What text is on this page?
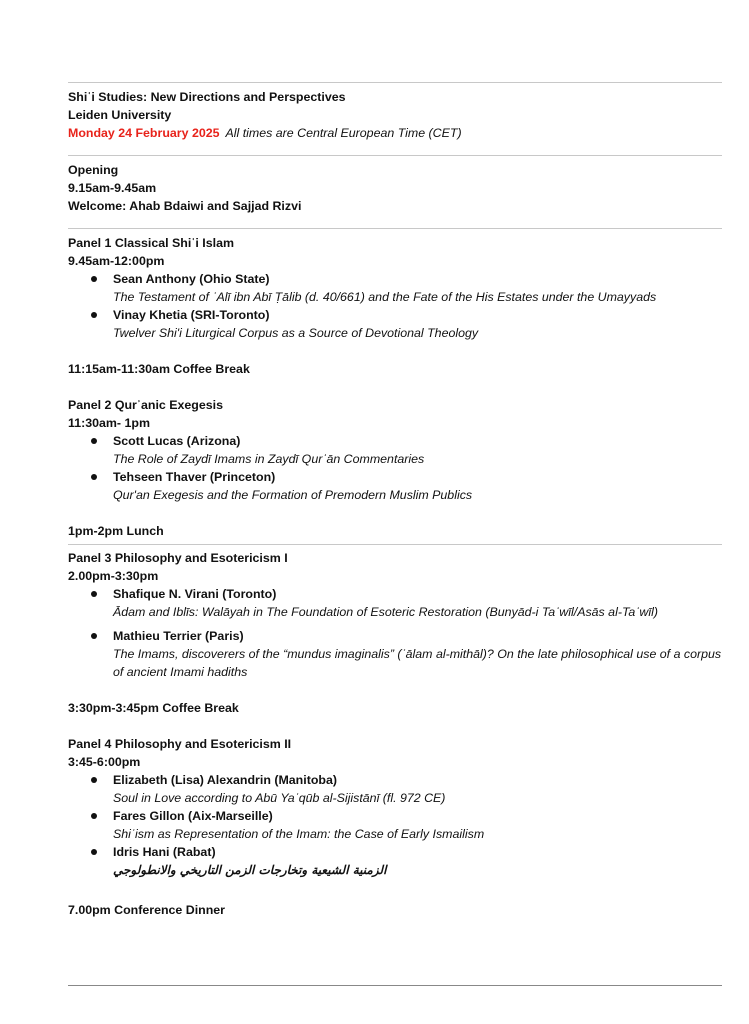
Shiʿi Studies: New Directions and Perspectives
Leiden University
Monday 24 February 2025 All times are Central European Time (CET)
Opening
9.15am-9.45am
Welcome: Ahab Bdaiwi and Sajjad Rizvi
Panel 1 Classical Shiʿi Islam
9.45am-12:00pm
Sean Anthony (Ohio State)
The Testament of ʿAlī ibn Abī Ṭālib (d. 40/661) and the Fate of the His Estates under the Umayyads
Vinay Khetia (SRI-Toronto)
Twelver Shi'i Liturgical Corpus as a Source of Devotional Theology
11:15am-11:30am Coffee Break
Panel 2 Qurʾanic Exegesis
11:30am- 1pm
Scott Lucas (Arizona)
The Role of Zaydī Imams in Zaydī Qurʾān Commentaries
Tehseen Thaver (Princeton)
Qur'an Exegesis and the Formation of Premodern Muslim Publics
1pm-2pm Lunch
Panel 3 Philosophy and Esotericism I
2.00pm-3:30pm
Shafique N. Virani (Toronto)
Ādam and Iblīs: Walāyah in The Foundation of Esoteric Restoration (Bunyād-i Taʾwīl/Asās al-Taʾwīl)
Mathieu Terrier (Paris)
The Imams, discoverers of the “mundus imaginalis” (ʿālam al-mithāl)? On the late philosophical use of a corpus of ancient Imami hadiths
3:30pm-3:45pm Coffee Break
Panel 4 Philosophy and Esotericism II
3:45-6:00pm
Elizabeth (Lisa) Alexandrin (Manitoba)
Soul in Love according to Abū Yaʿqūb al-Sijistānī (fl. 972 CE)
Fares Gillon (Aix-Marseille)
Shiʿism as Representation of the Imam: the Case of Early Ismailism
Idris Hani (Rabat)
الزمنية الشيعية وتخارجات الزمن التاريخي والانطولوجي
7.00pm Conference Dinner
